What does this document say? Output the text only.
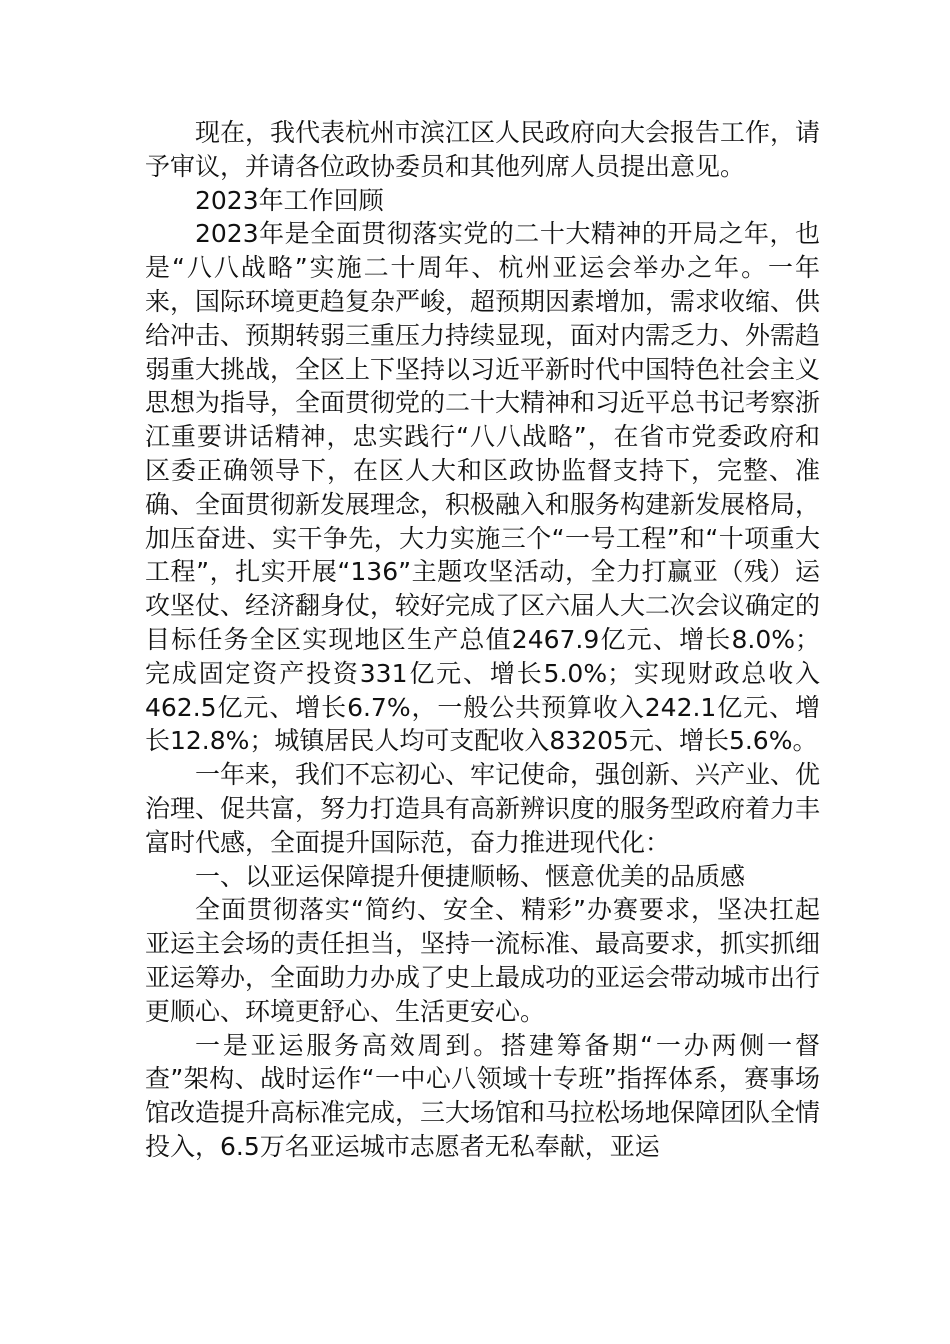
现在，我代表杭州市滨江区人民政府向大会报告工作，请予审议，并请各位政协委员和其他列席人员提出意见。

2023年工作回顾

2023年是全面贯彻落实党的二十大精神的开局之年，也是“八八战略”实施二十周年、杭州亚运会举办之年。一年来，国际环境更趋复杂严峻，超预期因素增加，需求收缩、供给冲击、预期转弱三重压力持续显现，面对内需乏力、外需趋弱重大挑战，全区上下坚持以习近平新时代中国特色社会主义思想为指导，全面贯彻党的二十大精神和习近平总书记考察浙江重要讲话精神，忠实践行“八八战略”，在省市党委政府和区委正确领导下，在区人大和区政协监督支持下，完整、准确、全面贯彻新发展理念，积极融入和服务构建新发展格局，加压奋进、实干争先，大力实施三个“一号工程”和“十项重大工程”，扎实开展“136”主题攻坚活动，全力打赢亚（残）运攻坚仗、经济翻身仗，较好完成了区六届人大二次会议确定的目标任务全区实现地区生产总值2467.9亿元、增长8.0%；完成固定资产投资331亿元、增长5.0%；实现财政总收入462.5亿元、增长6.7%，一般公共预算收入242.1亿元、增长12.8%；城镇居民人均可支配收入83205元、增长5.6%。

一年来，我们不忘初心、牢记使命，强创新、兴产业、优治理、促共富，努力打造具有高新辨识度的服务型政府着力丰富时代感，全面提升国际范，奋力推进现代化：

一、以亚运保障提升便捷顺畅、惬意优美的品质感

全面贯彻落实“简约、安全、精彩”办赛要求，坚决扛起亚运主会场的责任担当，坚持一流标准、最高要求，抓实抓细亚运筹办，全面助力办成了史上最成功的亚运会带动城市出行更顺心、环境更舒心、生活更安心。

一是亚运服务高效周到。搭建筹备期“一办两侧一督查”架构、战时运作“一中心八领域十专班”指挥体系，赛事场馆改造提升高标准完成，三大场馆和马拉松场地保障团队全情投入，6.5万名亚运城市志愿者无私奉献，亚运
